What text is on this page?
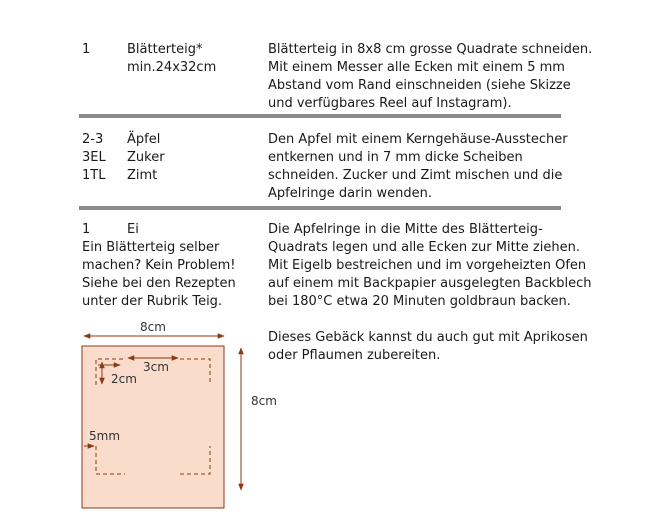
1	Blätterteig*
min.24x32cm
Blätterteig in 8x8 cm grosse Quadrate schneiden.
Mit einem Messer alle Ecken mit einem 5 mm
Abstand vom Rand einschneiden (siehe Skizze
und verfügbares Reel auf Instagram).
2-3 Äpfel
3EL Zuker
1TL Zimt
Den Apfel mit einem Kerngehäuse-Ausstecher
entkernen und in 7 mm dicke Scheiben
schneiden. Zucker und Zimt mischen und die
Apfelringe darin wenden.
1	Ei
Ein Blätterteig selber
machen? Kein Problem!
Siehe bei den Rezepten
unter der Rubrik Teig.
Die Apfelringe in die Mitte des Blätterteig-
Quadrats legen und alle Ecken zur Mitte ziehen.
Mit Eigelb bestreichen und im vorgeheizten Ofen
auf einem mit Backpapier ausgelegten Backblech
bei 180°C etwa 20 Minuten goldbraun backen.
Dieses Gebäck kannst du auch gut mit Aprikosen
oder Pflaumen zubereiten.
8cm
8cm
3cm
2cm
5mm
